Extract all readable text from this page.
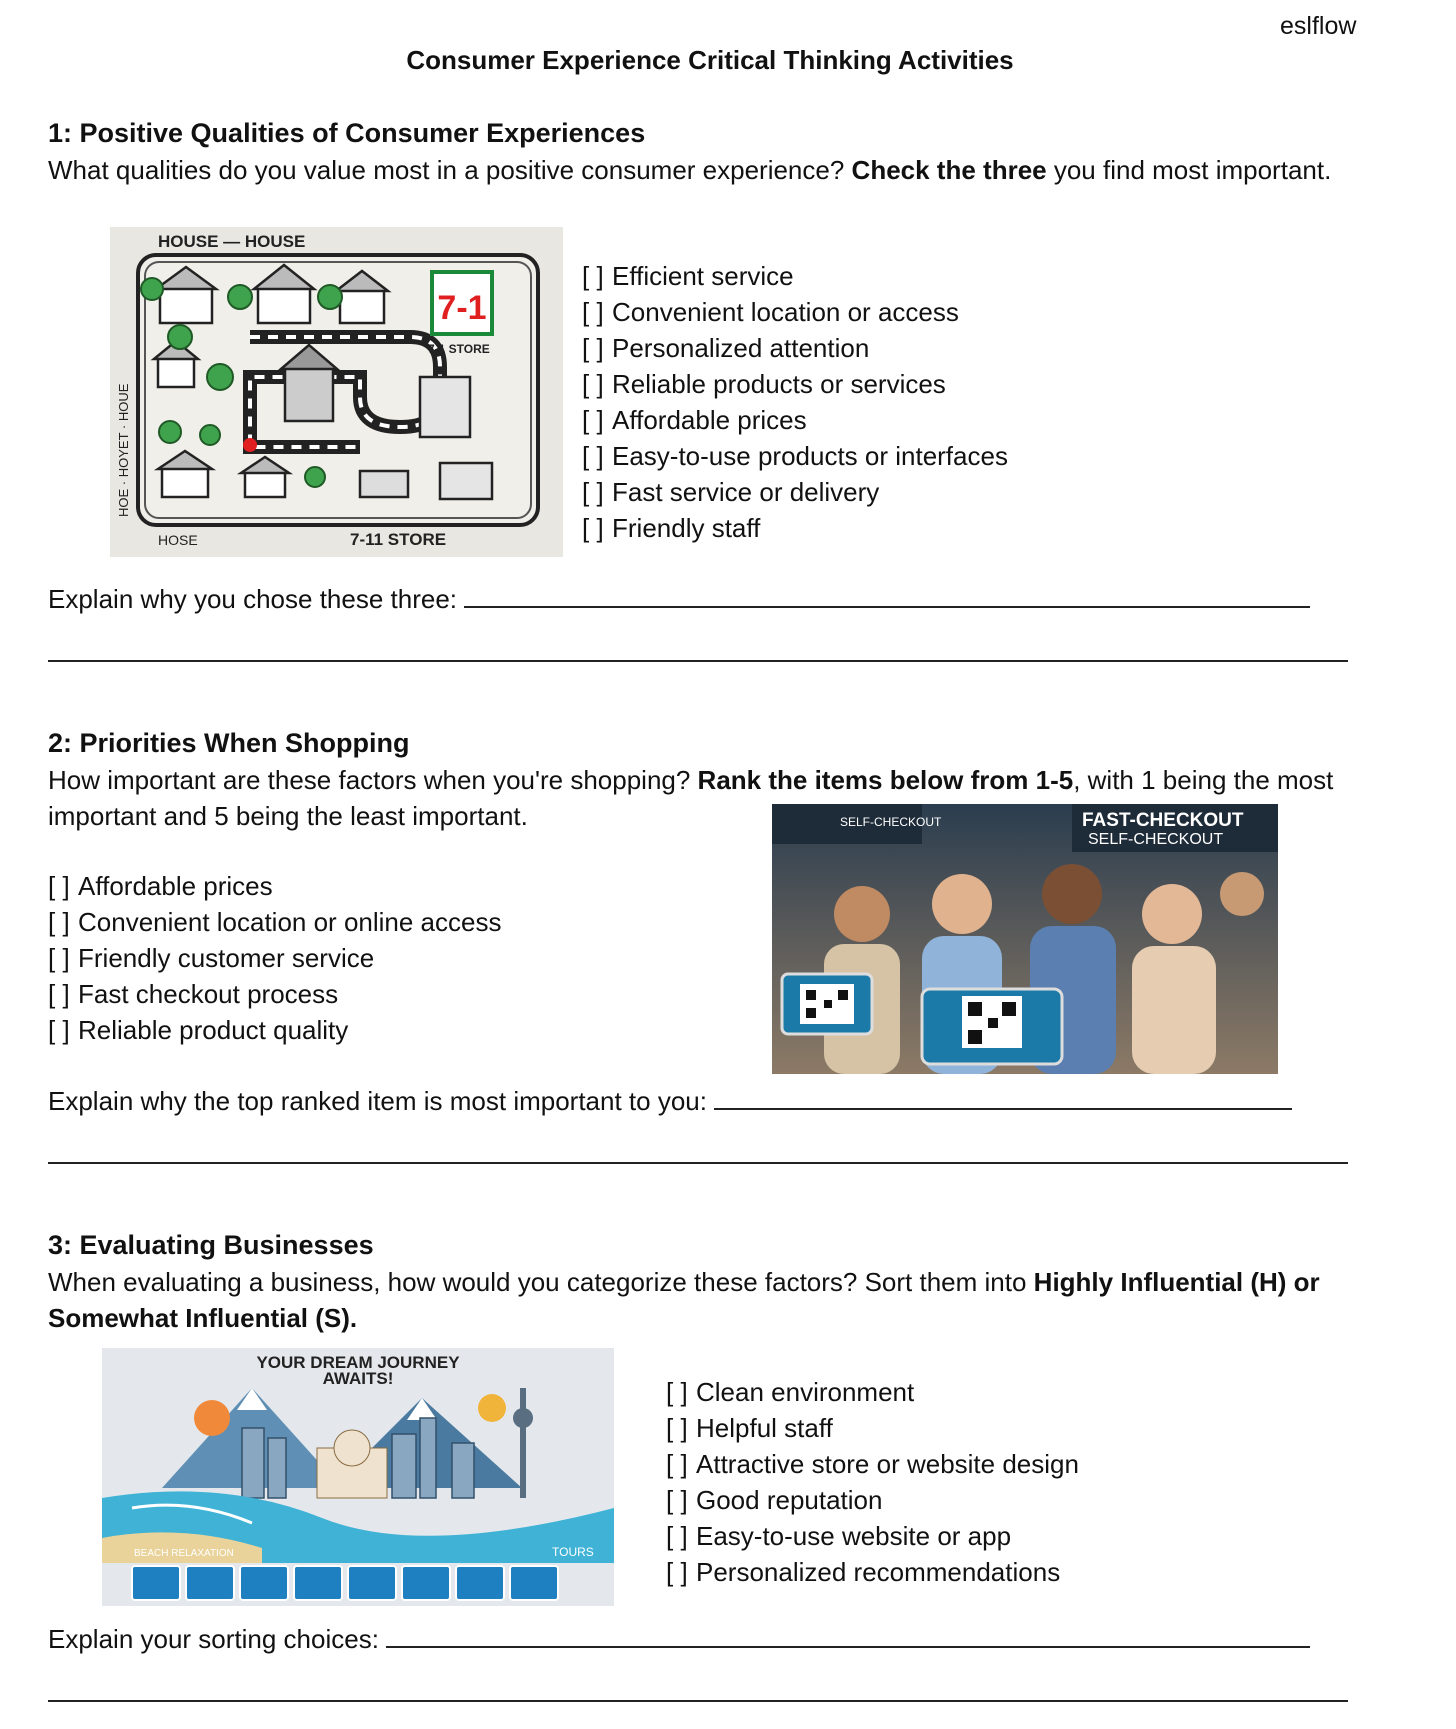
eslflow
Consumer Experience Critical Thinking Activities
1: Positive Qualities of Consumer Experiences
What qualities do you value most in a positive consumer experience? Check the three you find most important.
7-1
HOUSE — HOUSE
7-1 STORE
HOSE	7-11 STORE
HOE · HOYET · HOUE
[ ] Efficient service
[ ] Convenient location or access
[ ] Personalized attention
[ ] Reliable products or services
[ ] Affordable prices
[ ] Easy-to-use products or interfaces
[ ] Fast service or delivery
[ ] Friendly staff
Explain why you chose these three:
2: Priorities When Shopping
How important are these factors when you're shopping? Rank the items below from 1-5, with 1 being the most important and 5 being the least important.	SELF-CHECKOUT	FAST-CHECKOUT
SELF-CHECKOUT
[ ] Affordable prices
[ ] Convenient location or online access
[ ] Friendly customer service
[ ] Fast checkout process
[ ] Reliable product quality
Explain why the top ranked item is most important to you:
3: Evaluating Businesses
When evaluating a business, how would you categorize these factors? Sort them into Highly Influential (H) or Somewhat Influential (S).
YOUR DREAM JOURNEY
AWAITS!
BEACH RELAXATION	TOURS
[ ] Clean environment
[ ] Helpful staff
[ ] Attractive store or website design
[ ] Good reputation
[ ] Easy-to-use website or app
[ ] Personalized recommendations
Explain your sorting choices:
